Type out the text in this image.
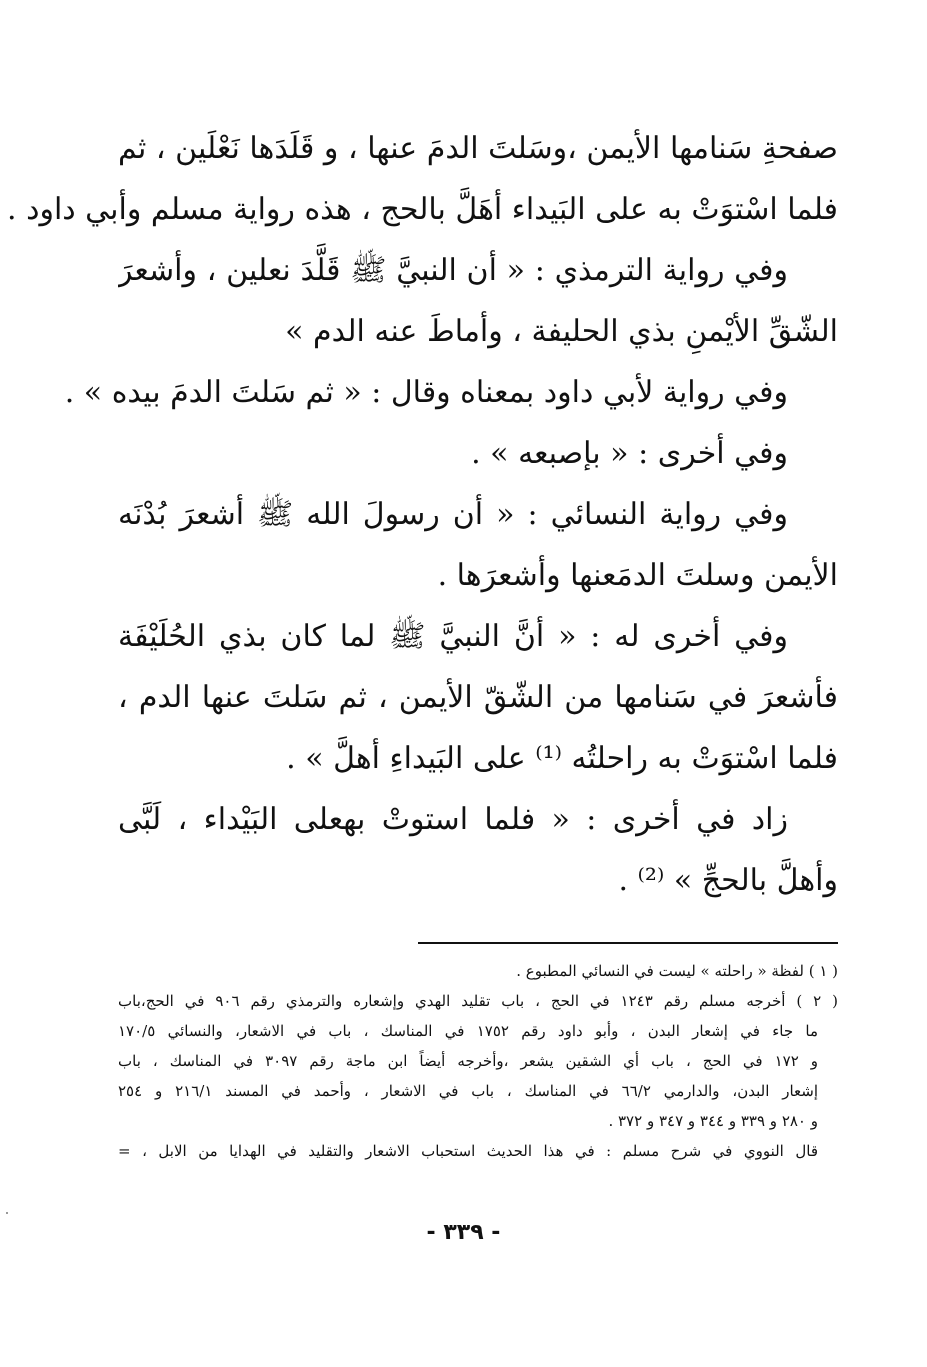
صفحةِ سَنامها الأيمن ،وسَلتَ الدمَ عنها ، و قَلَدَها نَعْلَين ، ثم
فلما اسْتوَتْ به على البَيداء أهَلَّ بالحج ، هذه رواية مسلم وأبي داود .
وفي رواية الترمذي : « أن النبيَّ ﷺ قَلَّدَ نعلين ، وأشعرَ
الشّقِّ الأيْمنِ بذي الحليفة ، وأماطَ عنه الدم »
وفي رواية لأبي داود بمعناه وقال : « ثم سَلتَ الدمَ بيده » .
وفي أخرى : « بإصبعه » .
وفي رواية النسائي : « أن رسولَ الله ﷺ أشعرَ بُدْنَه
الأيمن وسلتَ الدمَعنها وأشعرَها .
وفي أخرى له : « أنَّ النبيَّ ﷺ لما كان بذي الحُلَيْفَة
فأشعرَ في سَنامها من الشّقّ الأيمن ، ثم سَلتَ عنها الدم ،
فلما اسْتوَتْ به راحلتُه ⁽¹⁾ على البَيداءِ أهلَّ » .
زاد في أخرى : « فلما استوتْ بهعلى البَيْداء ، لَبَّى
وأهلَّ بالحجِّ » ⁽²⁾ .
( ١ ) لفظة « راحلته » ليست في النسائي المطبوع .
( ٢ ) أخرجه مسلم رقم ١٢٤٣ في الحج ، باب تقليد الهدي وإشعاره والترمذي رقم ٩٠٦ في الحج،باب
ما جاء في إشعار البدن ، وأبو داود رقم ١٧٥٢ في المناسك ، باب في الاشعار، والنسائي ١٧٠/٥
و ١٧٢ في الحج ، باب أي الشقين يشعر ،وأخرجه أيضاً ابن ماجة رقم ٣٠٩٧ في المناسك ، باب
إشعار البدن، والدارمي ٦٦/٢ في المناسك ، باب في الاشعار ، وأحمد في المسند ٢١٦/١ و ٢٥٤
و ٢٨٠ و ٣٣٩ و ٣٤٤ و ٣٤٧ و ٣٧٢ .
قال النووي في شرح مسلم : في هذا الحديث استحباب الاشعار والتقليد في الهدايا من الابل ، =
- ٣٣٩ -
